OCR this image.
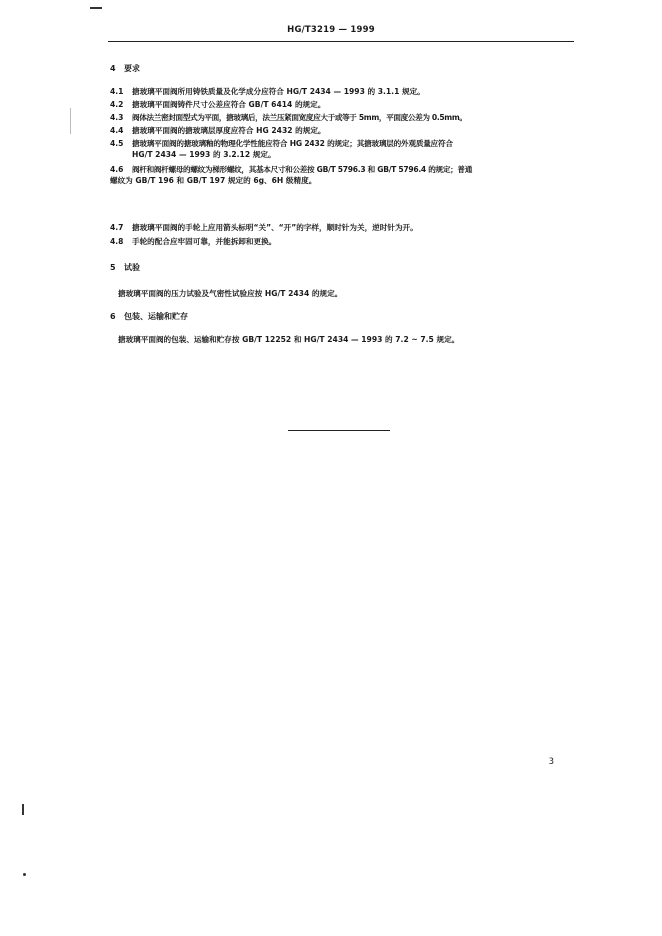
HG/T3219 — 1999
4 要求
4.1 搪玻璃平面阀所用铸铁质量及化学成分应符合 HG/T 2434 — 1993 的 3.1.1 规定。
4.2 搪玻璃平面阀铸件尺寸公差应符合 GB/T 6414 的规定。
4.3 阀体法兰密封面型式为平面，搪玻璃后，法兰压紧面宽度应大于或等于 5mm，平面度公差为 0.5mm。
4.4 搪玻璃平面阀的搪玻璃层厚度应符合 HG 2432 的规定。
4.5 搪玻璃平面阀的搪玻璃釉的物理化学性能应符合 HG 2432 的规定；其搪玻璃层的外观质量应符合
HG/T 2434 — 1993 的 3.2.12 规定。
4.6 阀杆和阀杆螺母的螺纹为梯形螺纹，其基本尺寸和公差按 GB/T 5796.3 和 GB/T 5796.4 的规定；普通
螺纹为 GB/T 196 和 GB/T 197 规定的 6g、6H 级精度。
4.7 搪玻璃平面阀的手轮上应用箭头标明“关”、“开”的字样，顺时针为关，逆时针为开。
4.8 手轮的配合应牢固可靠，并能拆卸和更换。
5 试验
搪玻璃平面阀的压力试验及气密性试验应按 HG/T 2434 的规定。
6 包装、运输和贮存
搪玻璃平面阀的包装、运输和贮存按 GB/T 12252 和 HG/T 2434 — 1993 的 7.2 ~ 7.5 规定。
3
